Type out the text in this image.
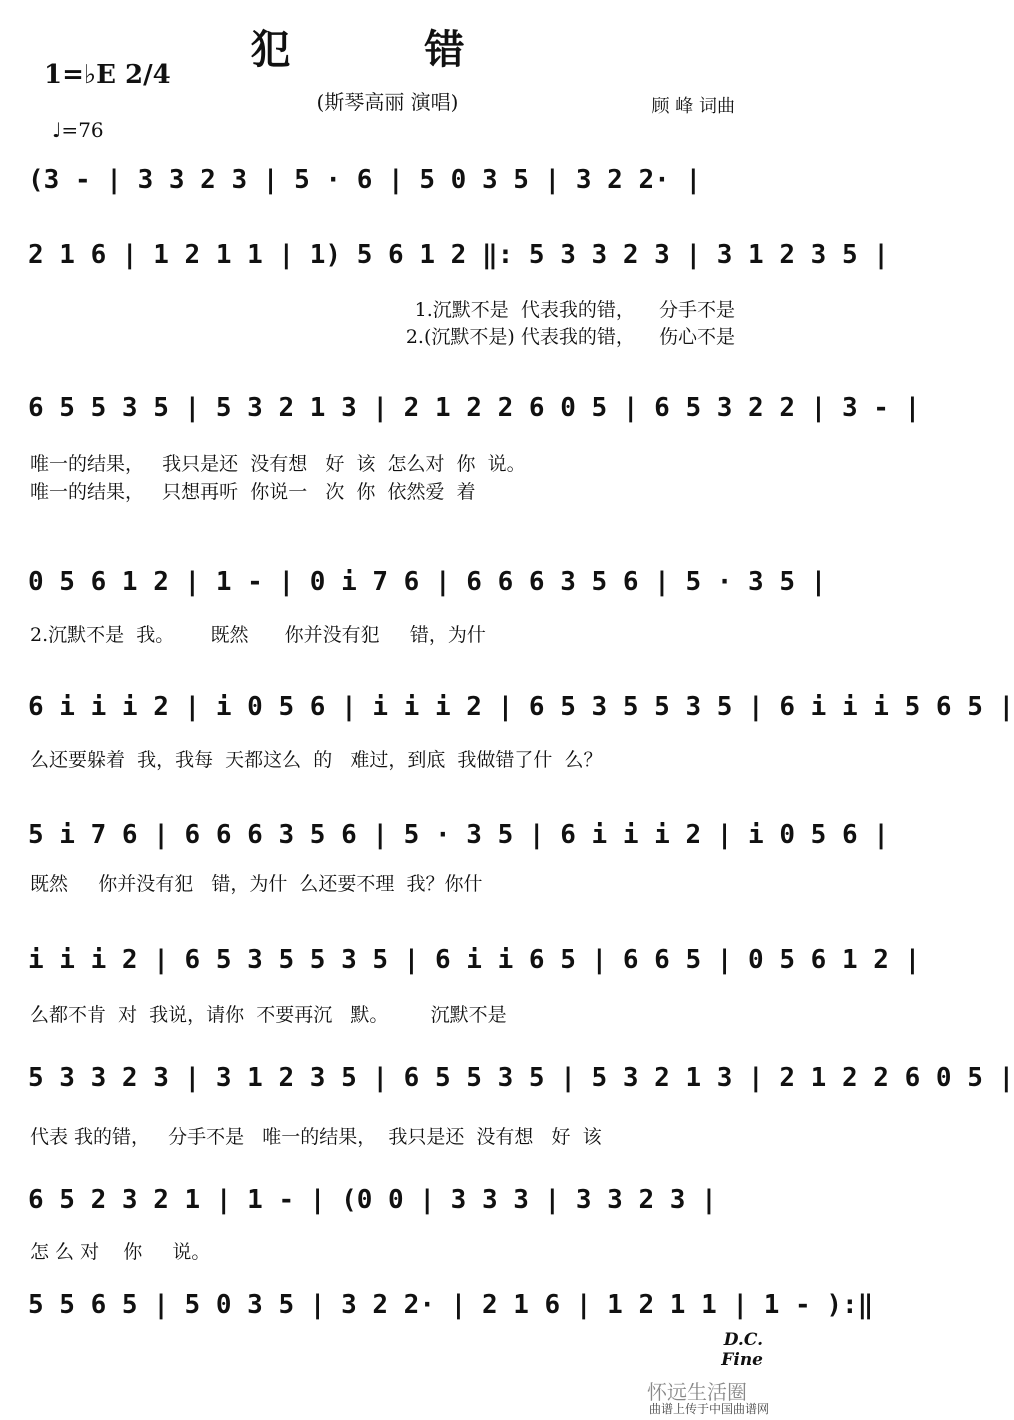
犯 错
1=♭E 2/4
(斯琴高丽 演唱)	顾 峰 词曲
♩=76
(3 - | 3 3 2 3 | 5 · 6 | 5 0 3 5 | 3 2 2· |
2 1 6 | 1 2 1 1 | 1) 5 6 1 2 ‖: 5 3 3 2 3 | 3 1 2 3 5 |
1.沉默不是  代表我的错，    分手不是
2.(沉默不是) 代表我的错，    伤心不是
6 5 5 3 5 | 5 3 2 1 3 | 2 1 2 2 6 0 5 | 6 5 3 2 2 | 3 - |
唯一的结果，   我只是还  没有想   好  该  怎么对  你  说。
唯一的结果，   只想再听  你说一   次  你  依然爱  着
0 5 6 1 2 | 1 - | 0 i 7 6 | 6 6 6 3 5 6 | 5 · 3 5 |
2.沉默不是  我。      既然      你并没有犯     错，为什
6 i i i 2 | i 0 5 6 | i i i 2 | 6 5 3 5 5 3 5 | 6 i i i 5 6 5 |
么还要躲着  我，我每  天都这么  的   难过，到底  我做错了什  么？
5 i 7 6 | 6 6 6 3 5 6 | 5 · 3 5 | 6 i i i 2 | i 0 5 6 |
既然     你并没有犯   错，为什  么还要不理  我？你什
i i i 2 | 6 5 3 5 5 3 5 | 6 i i 6 5 | 6 6 5 | 0 5 6 1 2 |
么都不肯  对  我说，请你  不要再沉   默。       沉默不是
5 3 3 2 3 | 3 1 2 3 5 | 6 5 5 3 5 | 5 3 2 1 3 | 2 1 2 2 6 0 5 |
代表 我的错，   分手不是   唯一的结果，  我只是还  没有想   好  该
6 5 2 3 2 1 | 1 - | (0 0 | 3 3 3 | 3 3 2 3 |
怎 么 对    你     说。
5 5 6 5 | 5 0 3 5 | 3 2 2· | 2 1 6 | 1 2 1 1 | 1 - ):‖
D.C.
Fine
怀远生活圈
曲谱上传于中国曲谱网
